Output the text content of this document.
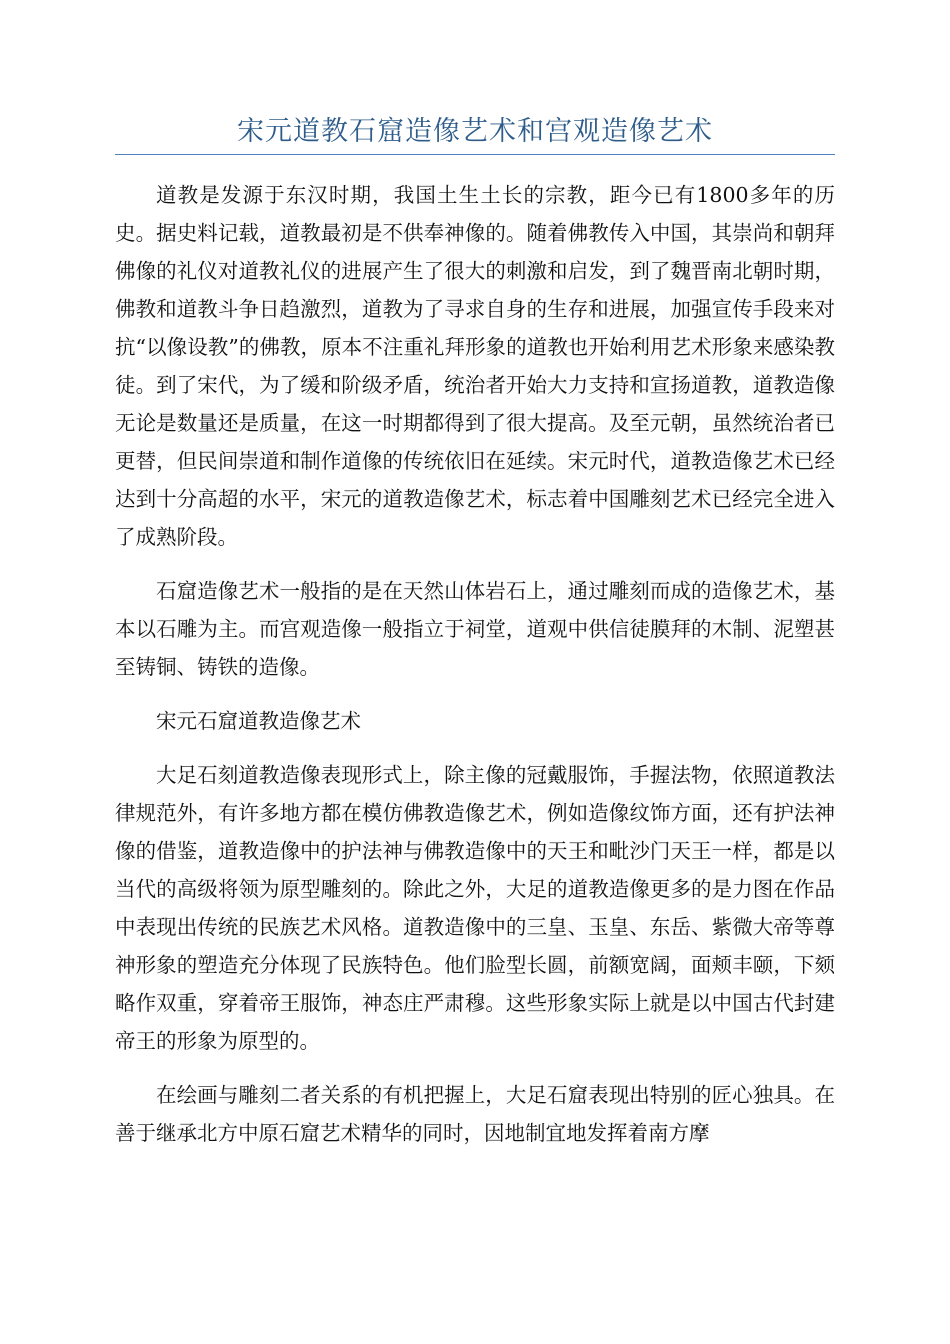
宋元道教石窟造像艺术和宫观造像艺术

道教是发源于东汉时期，我国土生土长的宗教，距今已有1800多年的历史。据史料记载，道教最初是不供奉神像的。随着佛教传入中国，其崇尚和朝拜佛像的礼仪对道教礼仪的进展产生了很大的刺激和启发，到了魏晋南北朝时期，佛教和道教斗争日趋激烈，道教为了寻求自身的生存和进展，加强宣传手段来对抗“以像设教”的佛教，原本不注重礼拜形象的道教也开始利用艺术形象来感染教徒。到了宋代，为了缓和阶级矛盾，统治者开始大力支持和宣扬道教，道教造像无论是数量还是质量，在这一时期都得到了很大提高。及至元朝，虽然统治者已更替，但民间崇道和制作道像的传统依旧在延续。宋元时代，道教造像艺术已经达到十分高超的水平，宋元的道教造像艺术，标志着中国雕刻艺术已经完全进入了成熟阶段。

石窟造像艺术一般指的是在天然山体岩石上，通过雕刻而成的造像艺术，基本以石雕为主。而宫观造像一般指立于祠堂，道观中供信徒膜拜的木制、泥塑甚至铸铜、铸铁的造像。

宋元石窟道教造像艺术

大足石刻道教造像表现形式上，除主像的冠戴服饰，手握法物，依照道教法律规范外，有许多地方都在模仿佛教造像艺术，例如造像纹饰方面，还有护法神像的借鉴，道教造像中的护法神与佛教造像中的天王和毗沙门天王一样，都是以当代的高级将领为原型雕刻的。除此之外，大足的道教造像更多的是力图在作品中表现出传统的民族艺术风格。道教造像中的三皇、玉皇、东岳、紫微大帝等尊神形象的塑造充分体现了民族特色。他们脸型长圆，前额宽阔，面颊丰颐，下颏略作双重，穿着帝王服饰，神态庄严肃穆。这些形象实际上就是以中国古代封建帝王的形象为原型的。

在绘画与雕刻二者关系的有机把握上，大足石窟表现出特别的匠心独具。在善于继承北方中原石窟艺术精华的同时，因地制宜地发挥着南方摩
